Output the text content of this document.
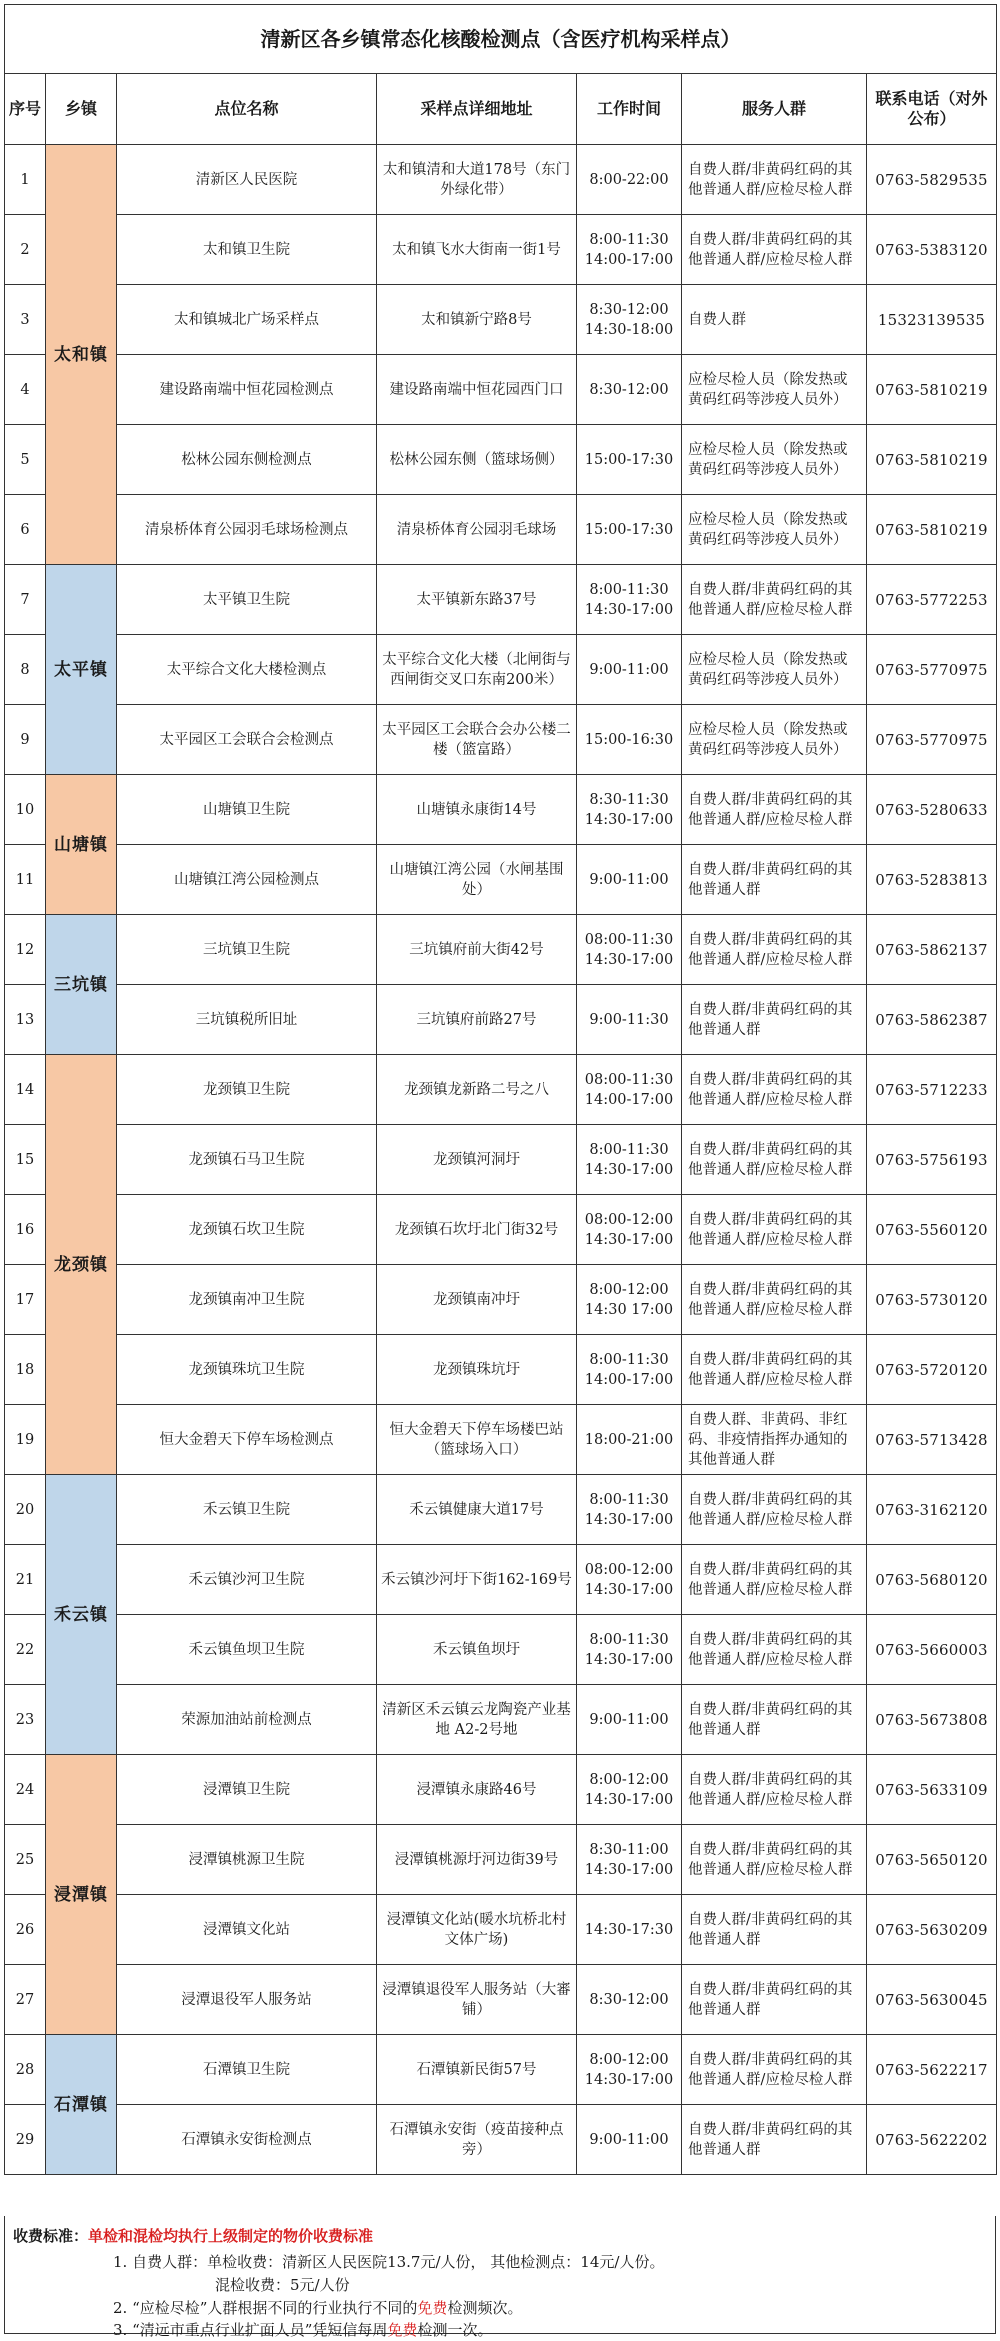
清新区各乡镇常态化核酸检测点（含医疗机构采样点）
序号	乡镇	点位名称	采样点详细地址	工作时间	服务人群	联系电话（对外公布）
1	太和镇	清新区人民医院	太和镇清和大道178号（东门外绿化带）	8:00-22:00	自费人群/非黄码红码的其他普通人群/应检尽检人群	0763-5829535
2		太和镇卫生院	太和镇飞水大街南一街1号	8:00-11:30 14:00-17:00	自费人群/非黄码红码的其他普通人群/应检尽检人群	0763-5383120
3		太和镇城北广场采样点	太和镇新宁路8号	8:30-12:00 14:30-18:00	自费人群	15323139535
4		建设路南端中恒花园检测点	建设路南端中恒花园西门口	8:30-12:00	应检尽检人员（除发热或黄码红码等涉疫人员外）	0763-5810219
5		松林公园东侧检测点	松林公园东侧（篮球场侧）	15:00-17:30	应检尽检人员（除发热或黄码红码等涉疫人员外）	0763-5810219
6		清泉桥体育公园羽毛球场检测点	清泉桥体育公园羽毛球场	15:00-17:30	应检尽检人员（除发热或黄码红码等涉疫人员外）	0763-5810219
7	太平镇	太平镇卫生院	太平镇新东路37号	8:00-11:30 14:30-17:00	自费人群/非黄码红码的其他普通人群/应检尽检人群	0763-5772253
8		太平综合文化大楼检测点	太平综合文化大楼（北闸街与西闸街交叉口东南200米）	9:00-11:00	应检尽检人员（除发热或黄码红码等涉疫人员外）	0763-5770975
9		太平园区工会联合会检测点	太平园区工会联合会办公楼二楼（篮富路）	15:00-16:30	应检尽检人员（除发热或黄码红码等涉疫人员外）	0763-5770975
10	山塘镇	山塘镇卫生院	山塘镇永康街14号	8:30-11:30 14:30-17:00	自费人群/非黄码红码的其他普通人群/应检尽检人群	0763-5280633
11		山塘镇江湾公园检测点	山塘镇江湾公园（水闸基围处）	9:00-11:00	自费人群/非黄码红码的其他普通人群	0763-5283813
12	三坑镇	三坑镇卫生院	三坑镇府前大街42号	08:00-11:30 14:30-17:00	自费人群/非黄码红码的其他普通人群/应检尽检人群	0763-5862137
13		三坑镇税所旧址	三坑镇府前路27号	9:00-11:30	自费人群/非黄码红码的其他普通人群	0763-5862387
14	龙颈镇	龙颈镇卫生院	龙颈镇龙新路二号之八	08:00-11:30 14:00-17:00	自费人群/非黄码红码的其他普通人群/应检尽检人群	0763-5712233
15		龙颈镇石马卫生院	龙颈镇河洞圩	8:00-11:30 14:30-17:00	自费人群/非黄码红码的其他普通人群/应检尽检人群	0763-5756193
16		龙颈镇石坎卫生院	龙颈镇石坎圩北门街32号	08:00-12:00 14:30-17:00	自费人群/非黄码红码的其他普通人群/应检尽检人群	0763-5560120
17		龙颈镇南冲卫生院	龙颈镇南冲圩	8:00-12:00 14:30 17:00	自费人群/非黄码红码的其他普通人群/应检尽检人群	0763-5730120
18		龙颈镇珠坑卫生院	龙颈镇珠坑圩	8:00-11:30 14:00-17:00	自费人群/非黄码红码的其他普通人群/应检尽检人群	0763-5720120
19		恒大金碧天下停车场检测点	恒大金碧天下停车场楼巴站（篮球场入口）	18:00-21:00	自费人群、非黄码、非红码、非疫情指挥办通知的其他普通人群	0763-5713428
20	禾云镇	禾云镇卫生院	禾云镇健康大道17号	8:00-11:30 14:30-17:00	自费人群/非黄码红码的其他普通人群/应检尽检人群	0763-3162120
21		禾云镇沙河卫生院	禾云镇沙河圩下街162-169号	08:00-12:00 14:30-17:00	自费人群/非黄码红码的其他普通人群/应检尽检人群	0763-5680120
22		禾云镇鱼坝卫生院	禾云镇鱼坝圩	8:00-11:30 14:30-17:00	自费人群/非黄码红码的其他普通人群/应检尽检人群	0763-5660003
23		荣源加油站前检测点	清新区禾云镇云龙陶瓷产业基地 A2-2号地	9:00-11:00	自费人群/非黄码红码的其他普通人群	0763-5673808
24	浸潭镇	浸潭镇卫生院	浸潭镇永康路46号	8:00-12:00 14:30-17:00	自费人群/非黄码红码的其他普通人群/应检尽检人群	0763-5633109
25		浸潭镇桃源卫生院	浸潭镇桃源圩河边街39号	8:30-11:00 14:30-17:00	自费人群/非黄码红码的其他普通人群/应检尽检人群	0763-5650120
26		浸潭镇文化站	浸潭镇文化站(暖水坑桥北村文体广场)	14:30-17:30	自费人群/非黄码红码的其他普通人群	0763-5630209
27		浸潭退役军人服务站	浸潭镇退役军人服务站（大審铺）	8:30-12:00	自费人群/非黄码红码的其他普通人群	0763-5630045
28	石潭镇	石潭镇卫生院	石潭镇新民街57号	8:00-12:00 14:30-17:00	自费人群/非黄码红码的其他普通人群/应检尽检人群	0763-5622217
29		石潭镇永安街检测点	石潭镇永安街（疫苗接种点旁）	9:00-11:00	自费人群/非黄码红码的其他普通人群	0763-5622202
收费标准：单检和混检均执行上级制定的物价收费标准
1. 自费人群：单检收费：清新区人民医院13.7元/人份， 其他检测点：14元/人份。
混检收费：5元/人份
2. “应检尽检”人群根据不同的行业执行不同的免费检测频次。
3. “清远市重点行业扩面人员”凭短信每周免费检测一次。
